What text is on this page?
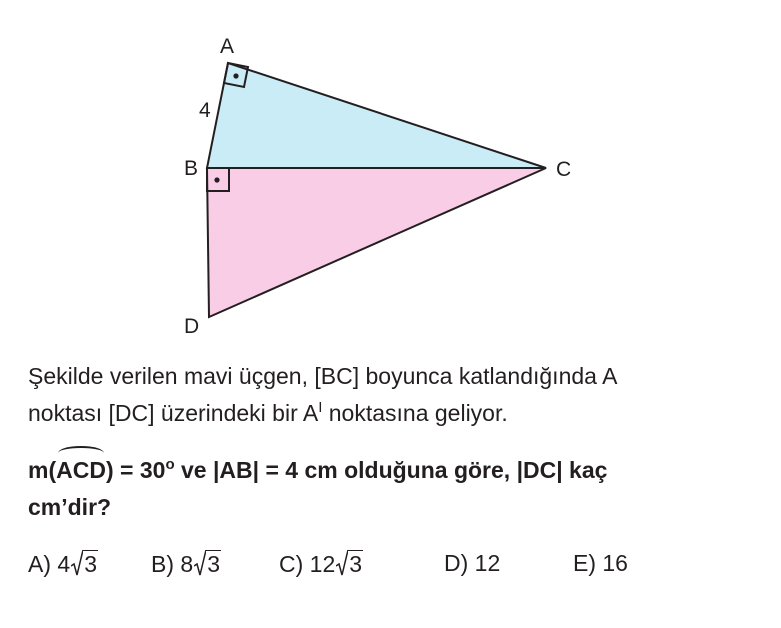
A
4
B	C
D

Şekilde verilen mavi üçgen, [BC] boyunca katlandığında A
noktası [DC] üzerindeki bir $A^I$ noktasına geliyor.

$m(ACD) = 30^o$ ve |AB| = 4 cm olduğuna göre, |DC| kaç
cm’dir?

A) 4 3 B) 8 3	C) 12 3	D) 12	E) 16
